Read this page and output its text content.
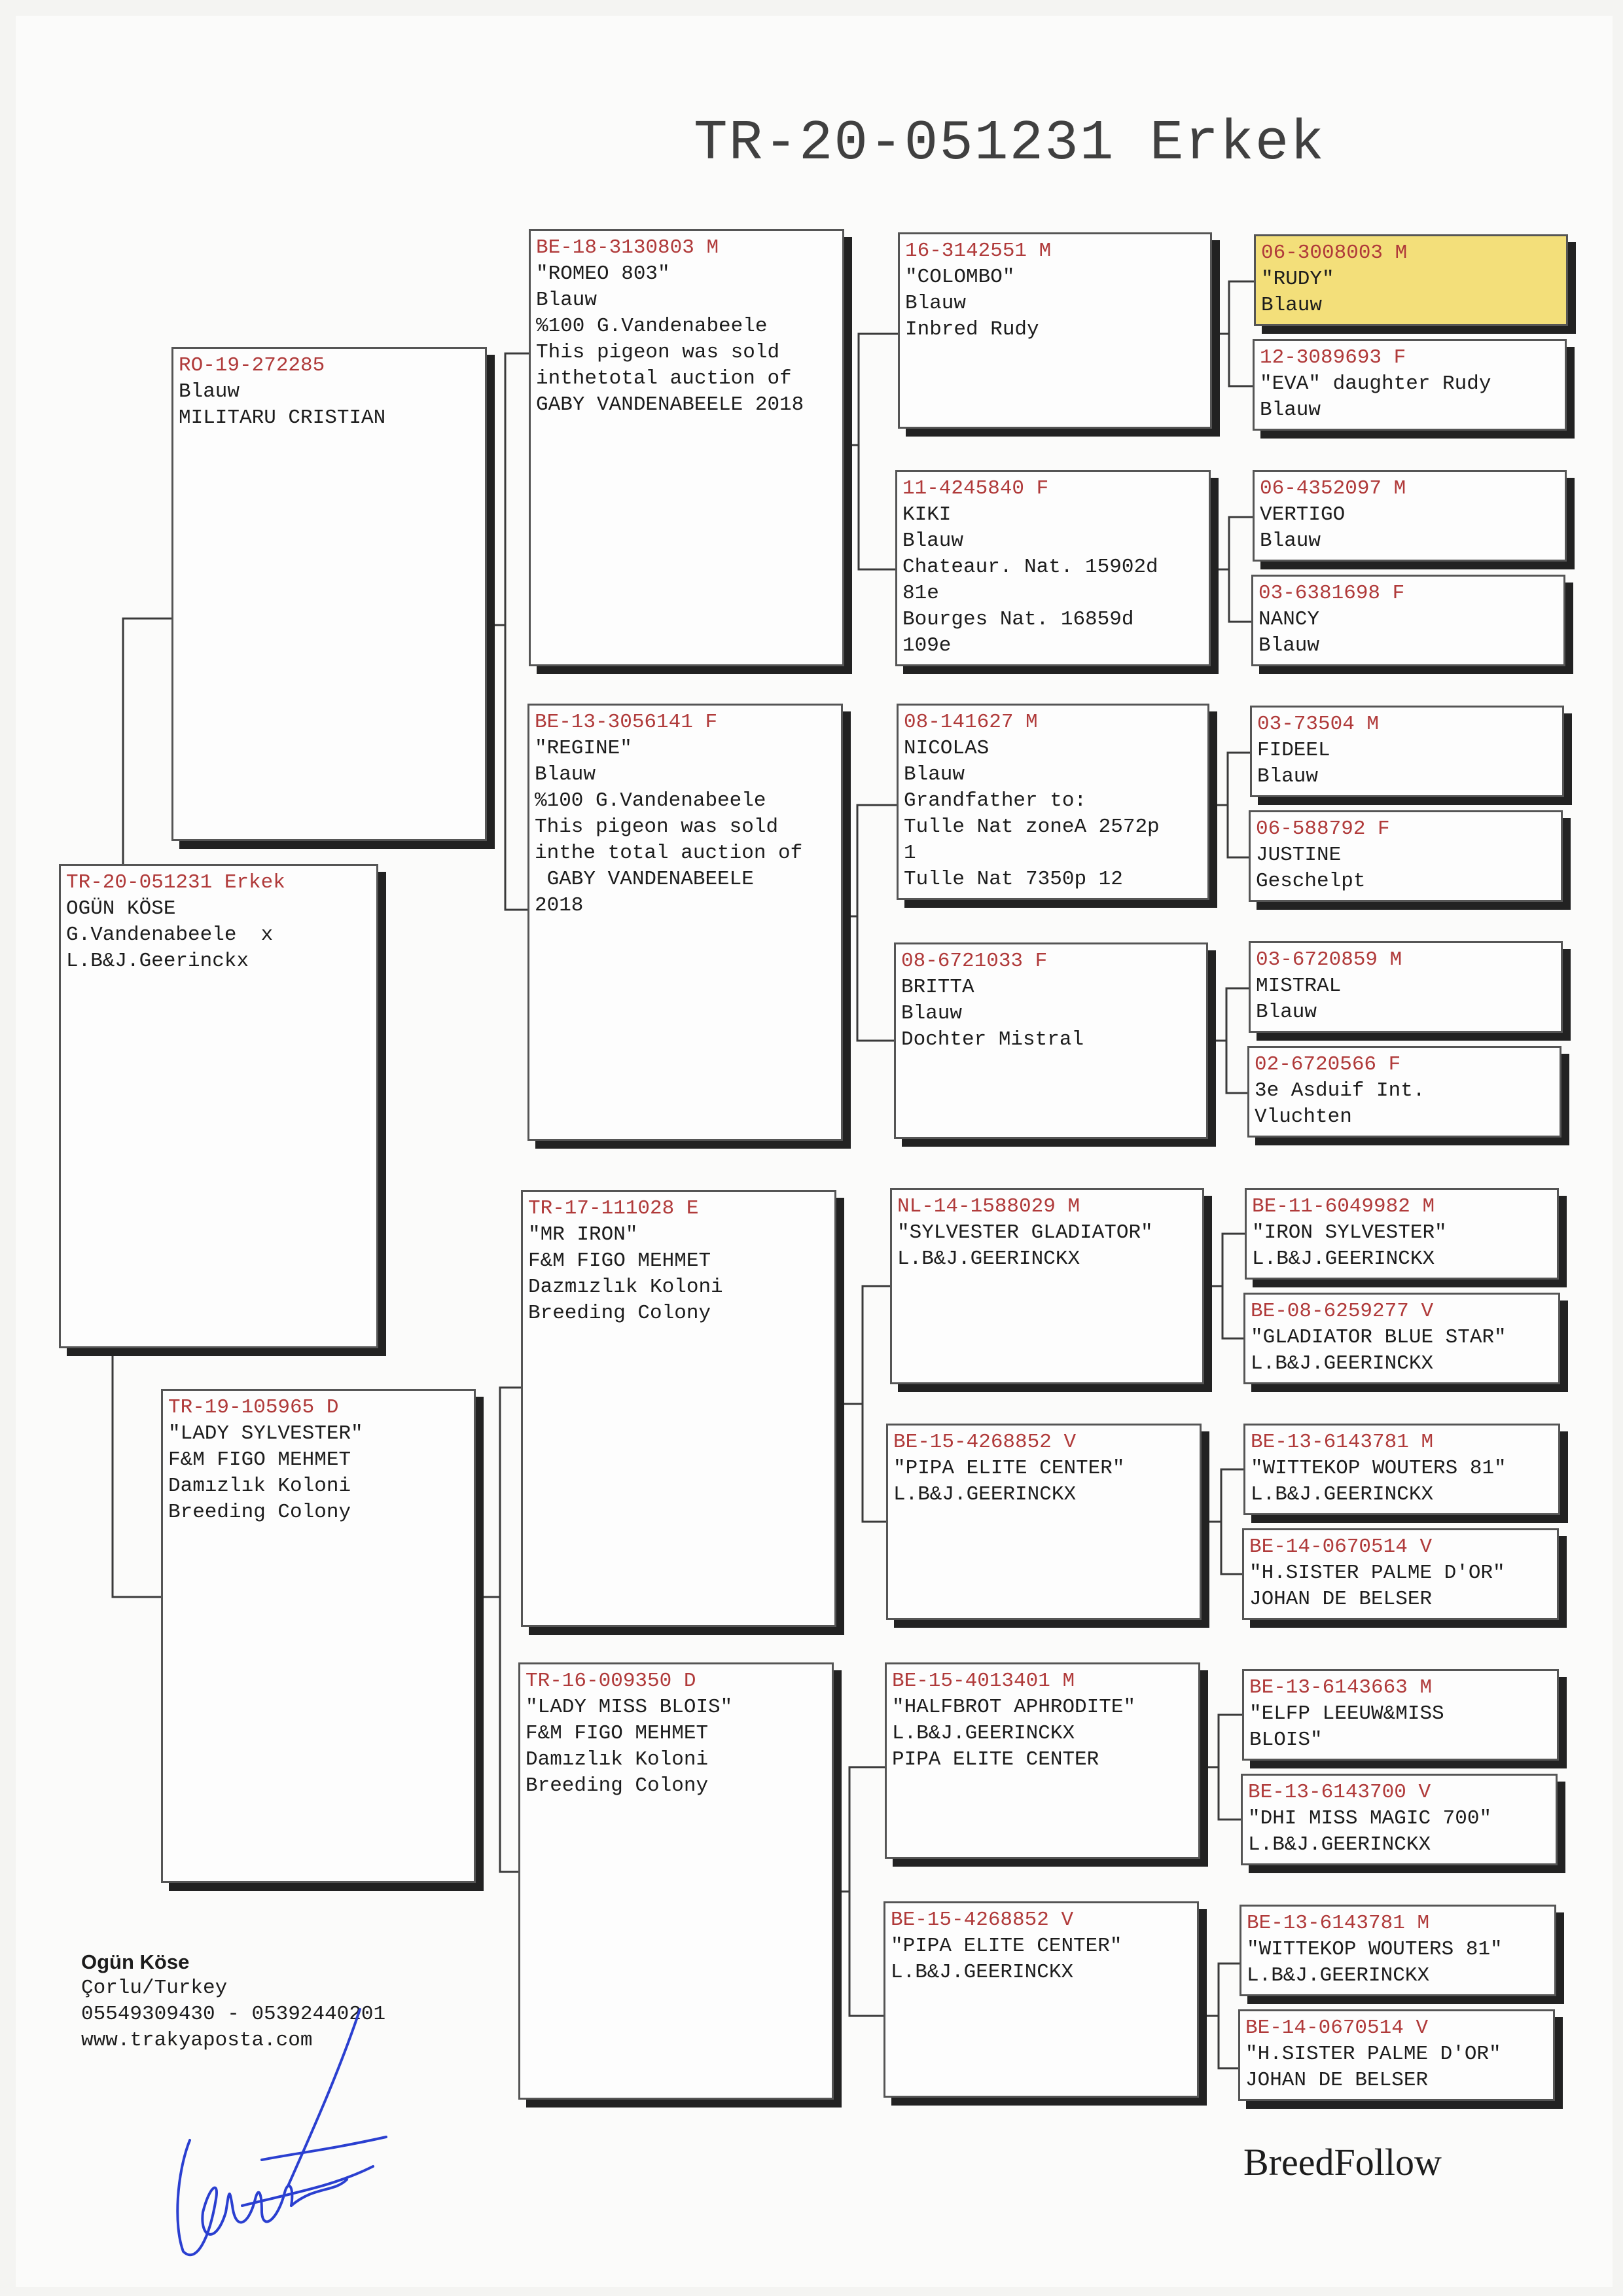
TR-20-051231 Erkek
TR-20-051231 Erkek
OGÜN KÖSE
G.Vandenabeele  x
L.B&J.Geerinckx
RO-19-272285
Blauw
MILITARU CRISTIAN
TR-19-105965 D
"LADY SYLVESTER"
F&M FIGO MEHMET
Damızlık Koloni
Breeding Colony
BE-18-3130803 M
"ROMEO 803"
Blauw
%100 G.Vandenabeele
This pigeon was sold
inthetotal auction of
GABY VANDENABEELE 2018
BE-13-3056141 F
"REGINE"
Blauw
%100 G.Vandenabeele
This pigeon was sold
inthe total auction of
GABY VANDENABEELE
2018
TR-17-111028 E
"MR IRON"
F&M FIGO MEHMET
Dazmızlık Koloni
Breeding Colony
TR-16-009350 D
"LADY MISS BLOIS"
F&M FIGO MEHMET
Damızlık Koloni
Breeding Colony
16-3142551 M
"COLOMBO"
Blauw
Inbred Rudy
11-4245840 F
KIKI
Blauw
Chateaur. Nat. 15902d
81e
Bourges Nat. 16859d
109e
08-141627 M
NICOLAS
Blauw
Grandfather to:
Tulle Nat zoneA 2572p
1
Tulle Nat 7350p 12
08-6721033 F
BRITTA
Blauw
Dochter Mistral
NL-14-1588029 M
"SYLVESTER GLADIATOR"
L.B&J.GEERINCKX
BE-15-4268852 V
"PIPA ELITE CENTER"
L.B&J.GEERINCKX
BE-15-4013401 M
"HALFBROT APHRODITE"
L.B&J.GEERINCKX
PIPA ELITE CENTER
BE-15-4268852 V
"PIPA ELITE CENTER"
L.B&J.GEERINCKX
06-3008003 M
"RUDY"
Blauw
12-3089693 F
"EVA" daughter Rudy
Blauw
06-4352097 M
VERTIGO
Blauw
03-6381698 F
NANCY
Blauw
03-73504 M
FIDEEL
Blauw
06-588792 F
JUSTINE
Geschelpt
03-6720859 M
MISTRAL
Blauw
02-6720566 F
3e Asduif Int.
Vluchten
BE-11-6049982 M
"IRON SYLVESTER"
L.B&J.GEERINCKX
BE-08-6259277 V
"GLADIATOR BLUE STAR"
L.B&J.GEERINCKX
BE-13-6143781 M
"WITTEKOP WOUTERS 81"
L.B&J.GEERINCKX
BE-14-0670514 V
"H.SISTER PALME D'OR"
JOHAN DE BELSER
BE-13-6143663 M
"ELFP LEEUW&MISS
BLOIS"
BE-13-6143700 V
"DHI MISS MAGIC 700"
L.B&J.GEERINCKX
BE-13-6143781 M
"WITTEKOP WOUTERS 81"
L.B&J.GEERINCKX
BE-14-0670514 V
"H.SISTER PALME D'OR"
JOHAN DE BELSER
Ogün Köse
Çorlu/Turkey
05549309430 - 05392440201
www.trakyaposta.com
BreedFollow
